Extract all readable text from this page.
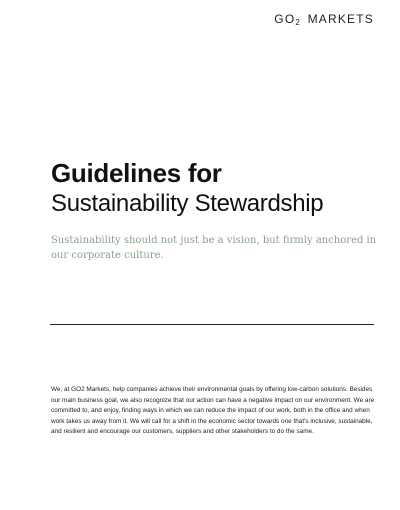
$GO_2$ MARKETS
Guidelines for
Sustainability Stewardship

Sustainability should not just be a vision, but firmly anchored in our corporate culture.

We, at GO2 Markets, help companies achieve their environmental goals by offering low-carbon solutions. Besides our main business goal, we also recognize that our action can have a negative impact on our environment. We are committed to, and enjoy, finding ways in which we can reduce the impact of our work, both in the office and when work takes us away from it. We will call for a shift in the economic sector towards one that's inclusive, sustainable, and resilient and encourage our customers, suppliers and other stakeholders to do the same.
